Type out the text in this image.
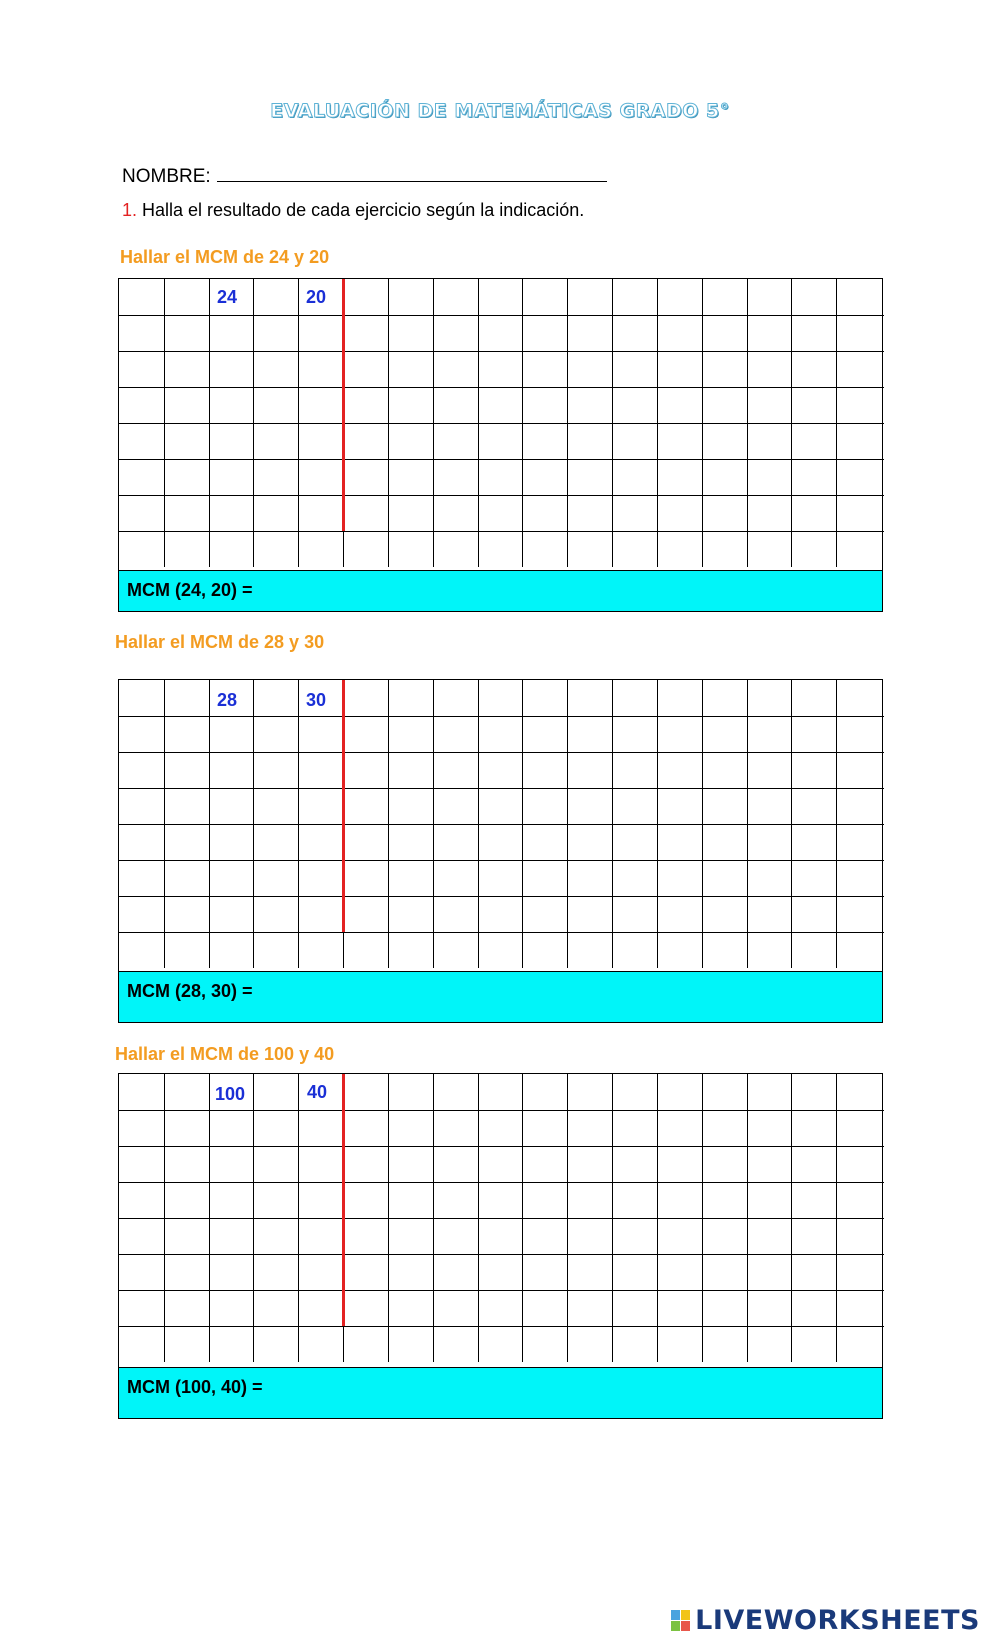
EVALUACIÓN DE MATEMÁTICAS GRADO 5°
NOMBRE:
1. Halla el resultado de cada ejercicio según la indicación.
Hallar el MCM de 24 y 20
24	20
MCM (24, 20) =
Hallar el MCM de 28 y 30
28	30
MCM (28, 30) =
Hallar el MCM de 100 y 40
100	40
MCM (100, 40) =
LIVEWORKSHEETS
